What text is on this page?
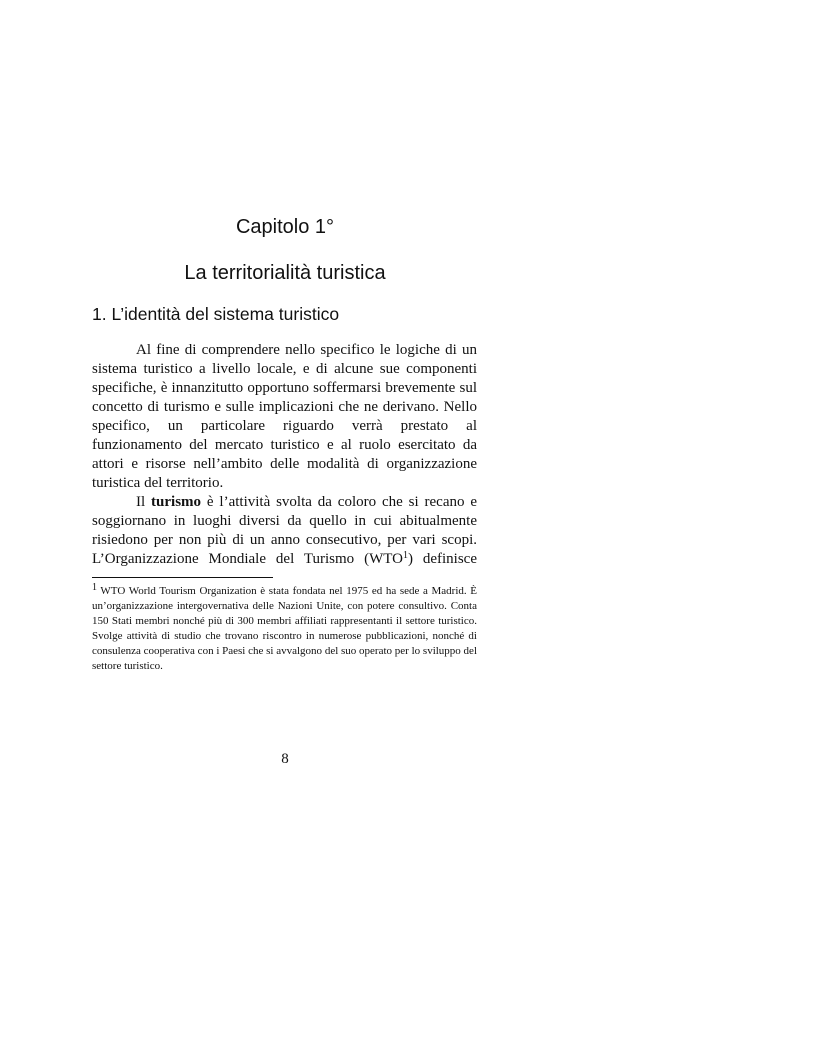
Capitolo 1°
La territorialità turistica
1. L’identità del sistema turistico

Al fine di comprendere nello specifico le logiche di un sistema turistico a livello locale, e di alcune sue componenti specifiche, è innanzitutto opportuno soffermarsi brevemente sul concetto di turismo e sulle implicazioni che ne derivano. Nello specifico, un particolare riguardo verrà prestato al funzionamento del mercato turistico e al ruolo esercitato da attori e risorse nell’ambito delle modalità di organizzazione turistica del territorio.

Il turismo è l’attività svolta da coloro che si recano e soggiornano in luoghi diversi da quello in cui abitualmente risiedono per non più di un anno consecutivo, per vari scopi. L’Organizzazione Mondiale del Turismo (WTO$^1$) definisce

$^1$ WTO World Tourism Organization è stata fondata nel 1975 ed ha sede a Madrid. È un’organizzazione intergovernativa delle Nazioni Unite, con potere consultivo. Conta 150 Stati membri nonché più di 300 membri affiliati rappresentanti il settore turistico. Svolge attività di studio che trovano riscontro in numerose pubblicazioni, nonché di consulenza cooperativa con i Paesi che si avvalgono del suo operato per lo sviluppo del settore turistico.
8
